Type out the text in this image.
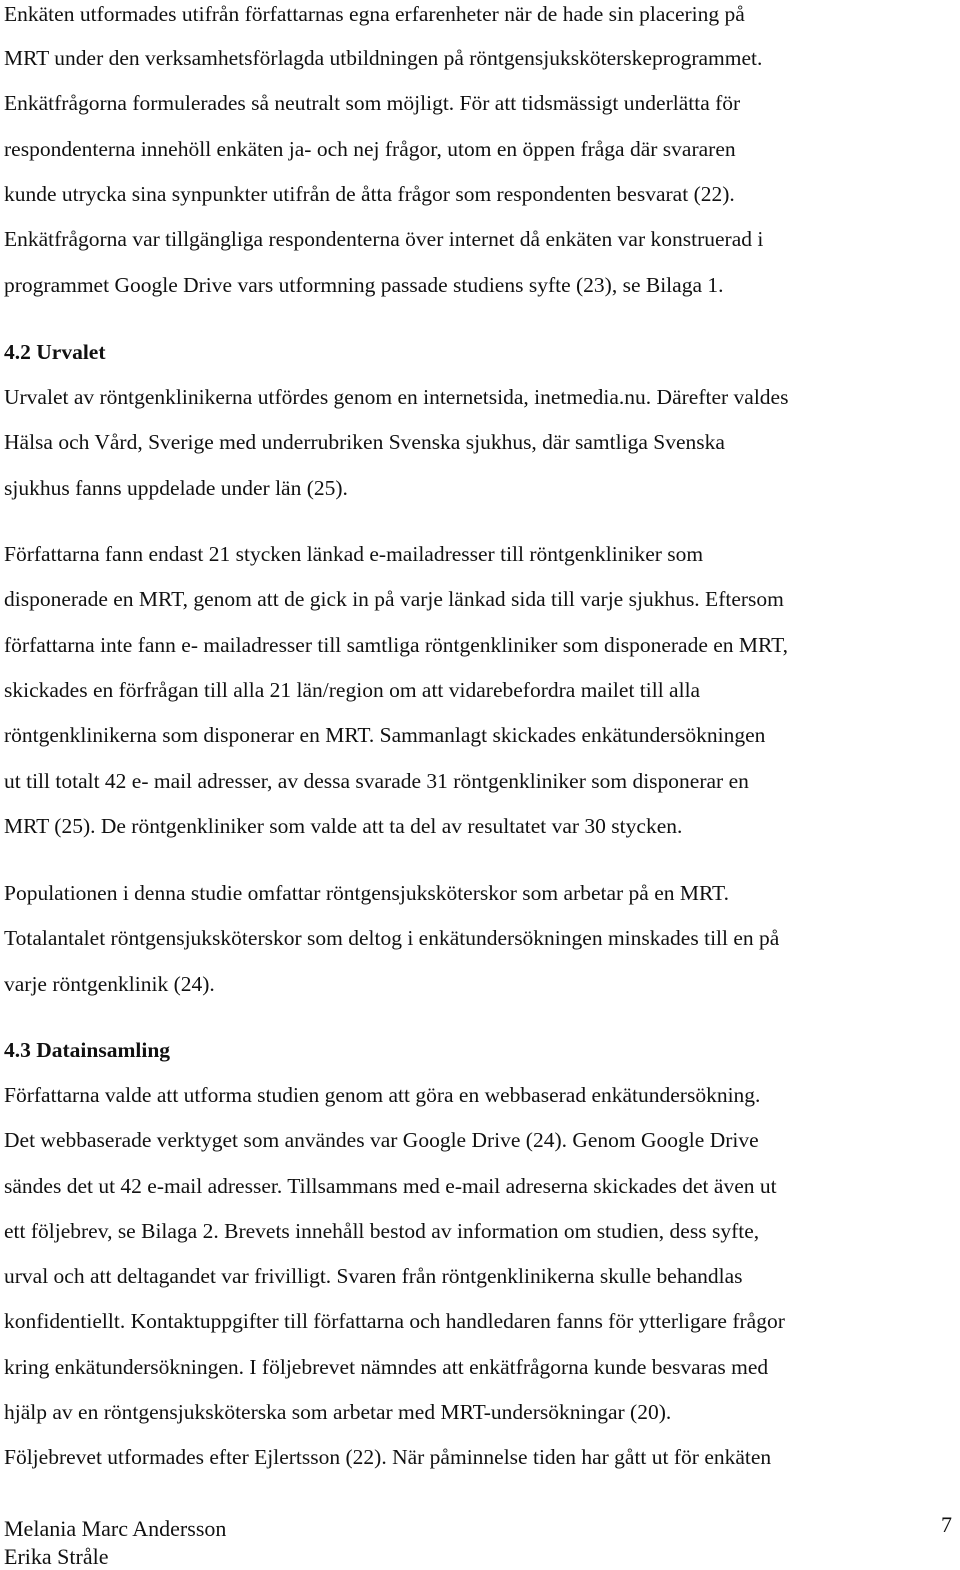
Enkäten utformades utifrån författarnas egna erfarenheter när de hade sin placering på
MRT under den verksamhetsförlagda utbildningen på röntgensjuksköterskeprogrammet.
Enkätfrågorna formulerades så neutralt som möjligt. För att tidsmässigt underlätta för
respondenterna innehöll enkäten ja- och nej frågor, utom en öppen fråga där svararen
kunde utrycka sina synpunkter utifrån de åtta frågor som respondenten besvarat (22).
Enkätfrågorna var tillgängliga respondenterna över internet då enkäten var konstruerad i
programmet Google Drive vars utformning passade studiens syfte (23), se Bilaga 1.
4.2 Urvalet
Urvalet av röntgenklinikerna utfördes genom en internetsida, inetmedia.nu. Därefter valdes
Hälsa och Vård, Sverige med underrubriken Svenska sjukhus, där samtliga Svenska
sjukhus fanns uppdelade under län (25).
Författarna fann endast 21 stycken länkad e-mailadresser till röntgenkliniker som
disponerade en MRT, genom att de gick in på varje länkad sida till varje sjukhus. Eftersom
författarna inte fann e- mailadresser till samtliga röntgenkliniker som disponerade en MRT,
skickades en förfrågan till alla 21 län/region om att vidarebefordra mailet till alla
röntgenklinikerna som disponerar en MRT. Sammanlagt skickades enkätundersökningen
ut till totalt 42 e- mail adresser, av dessa svarade 31 röntgenkliniker som disponerar en
MRT (25). De röntgenkliniker som valde att ta del av resultatet var 30 stycken.
Populationen i denna studie omfattar röntgensjuksköterskor som arbetar på en MRT.
Totalantalet röntgensjuksköterskor som deltog i enkätundersökningen minskades till en på
varje röntgenklinik (24).
4.3 Datainsamling
Författarna valde att utforma studien genom att göra en webbaserad enkätundersökning.
Det webbaserade verktyget som användes var Google Drive (24). Genom Google Drive
sändes det ut 42 e-mail adresser. Tillsammans med e-mail adreserna skickades det även ut
ett följebrev, se Bilaga 2. Brevets innehåll bestod av information om studien, dess syfte,
urval och att deltagandet var frivilligt. Svaren från röntgenklinikerna skulle behandlas
konfidentiellt. Kontaktuppgifter till författarna och handledaren fanns för ytterligare frågor
kring enkätundersökningen. I följebrevet nämndes att enkätfrågorna kunde besvaras med
hjälp av en röntgensjuksköterska som arbetar med MRT-undersökningar (20).
Följebrevet utformades efter Ejlertsson (22). När påminnelse tiden har gått ut för enkäten
7
Melania Marc Andersson
Erika Stråle
